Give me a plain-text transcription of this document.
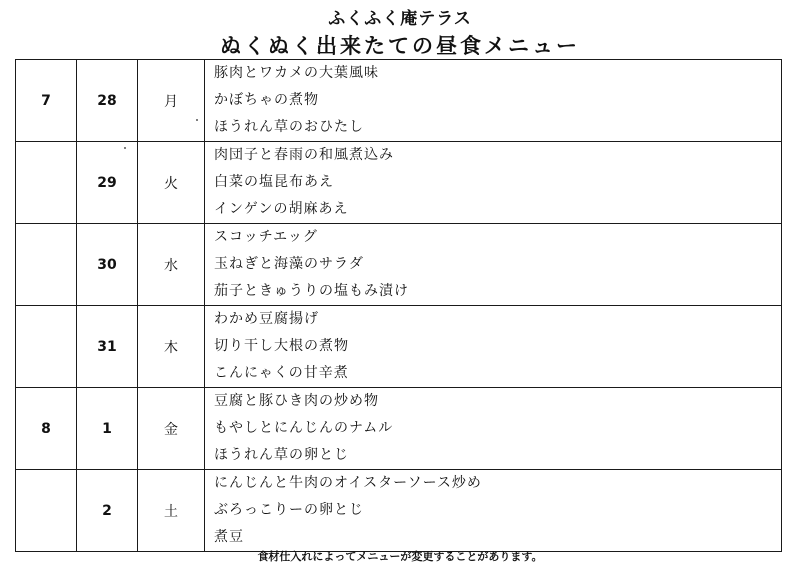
ふくふく庵テラス
ぬくぬく出来たての昼食メニュー
7	28	月	豚肉とワカメの大葉風味
かぼちゃの煮物
ほうれん草のおひたし

	29	火	肉団子と春雨の和風煮込み
白菜の塩昆布あえ
インゲンの胡麻あえ

	30	水	スコッチエッグ
玉ねぎと海藻のサラダ
茄子ときゅうりの塩もみ漬け

	31	木	わかめ豆腐揚げ
切り干し大根の煮物
こんにゃくの甘辛煮

8	1	金	豆腐と豚ひき肉の炒め物
もやしとにんじんのナムル
ほうれん草の卵とじ

	2	土	にんじんと牛肉のオイスターソース炒め
ぶろっこりーの卵とじ
煮豆
食材仕入れによってメニューが変更することがあります。
